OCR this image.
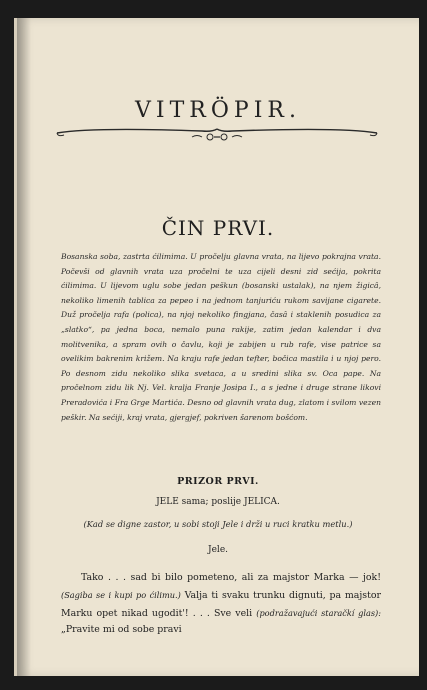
VITRÖPIR.
ČIN PRVI.
Bosanska soba, zastrta ćilimima. U pročelju glavna vrata, na lijevo pokrajna vrata. Počevši od glavnih vrata uza pročelni te uza cijeli desni zid sećija, pokrita ćilimima. U lijevom uglu sobe jedan peškun (bosanski ustalak), na njem žigicâ, nekoliko limenih tablica za pepeo i na jednom tanjuriću rukom savijane cigarete. Duž pročelja rafa (polica), na njoj nekoliko fingjana, časâ i staklenih posudica za „slatko“, pa jedna boca, nemalo puna rakije, zatim jedan kalendar i dva molitvenika, a spram ovih o čavlu, koji je zabijen u rub rafe, vise patrice sa ovelikim bakrenim križem. Na kraju rafe jedan tefter, bočica mastila i u njoj pero. Po desnom zidu nekoliko slika svetaca, a u sredini slika sv. Oca pape. Na pročelnom zidu lik Nj. Vel. kralja Franje Josipa I., a s jedne i druge strane likovi Preradovića i Fra Grge Martića. Desno od glavnih vrata dug, zlatom i svilom vezen peškir. Na sećiji, kraj vrata, gjergjef, pokriven šarenom bošćom.
PRIZOR PRVI.
JELE sama; poslije JELICA.
(Kad se digne zastor, u sobi stoji Jele i drži u ruci kratku metlu.)
Jele.
Tako . . . sad bi bilo pometeno, ali za majstor Marka — jok! (Sagiba se i kupi po ćilimu.) Valja ti svaku trunku dignuti, pa majstor Marku opet nikad ugodit'! . . . Sve veli (podražavajući staračkí glas): „Pravite mi od sobe pravi
